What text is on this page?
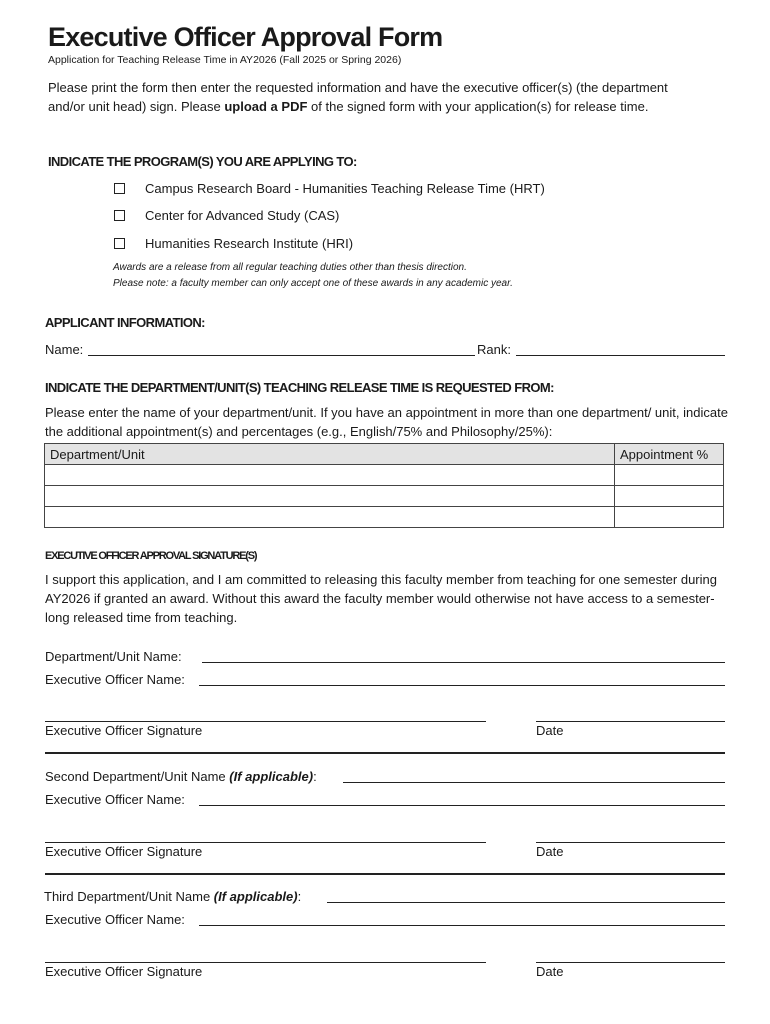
Executive Officer Approval Form
Application for Teaching Release Time in AY2026 (Fall 2025 or Spring 2026)
Please print the form then enter the requested information and have the executive officer(s) (the department and/or unit head) sign. Please upload a PDF of the signed form with your application(s) for release time.
INDICATE THE PROGRAM(S) YOU ARE APPLYING TO:
Campus Research Board - Humanities Teaching Release Time (HRT)
Center for Advanced Study (CAS)
Humanities Research Institute (HRI)
Awards are a release from all regular teaching duties other than thesis direction.
Please note: a faculty member can only accept one of these awards in any academic year.
APPLICANT INFORMATION:
Name:	Rank:
INDICATE THE DEPARTMENT/UNIT(S) TEACHING RELEASE TIME IS REQUESTED FROM:
Please enter the name of your department/unit. If you have an appointment in more than one department/ unit, indicate the additional appointment(s) and percentages (e.g., English/75% and Philosophy/25%):
Department/Unit	Appointment %

EXECUTIVE OFFICER APPROVAL SIGNATURE(S)
I support this application, and I am committed to releasing this faculty member from teaching for one semester during AY2026 if granted an award. Without this award the faculty member would otherwise not have access to a semester-long released time from teaching.
Department/Unit Name:
Executive Officer Name:
Executive Officer Signature	Date
Second Department/Unit Name (If applicable):
Executive Officer Name:
Executive Officer Signature	Date
Third Department/Unit Name (If applicable):
Executive Officer Name:
Executive Officer Signature	Date
